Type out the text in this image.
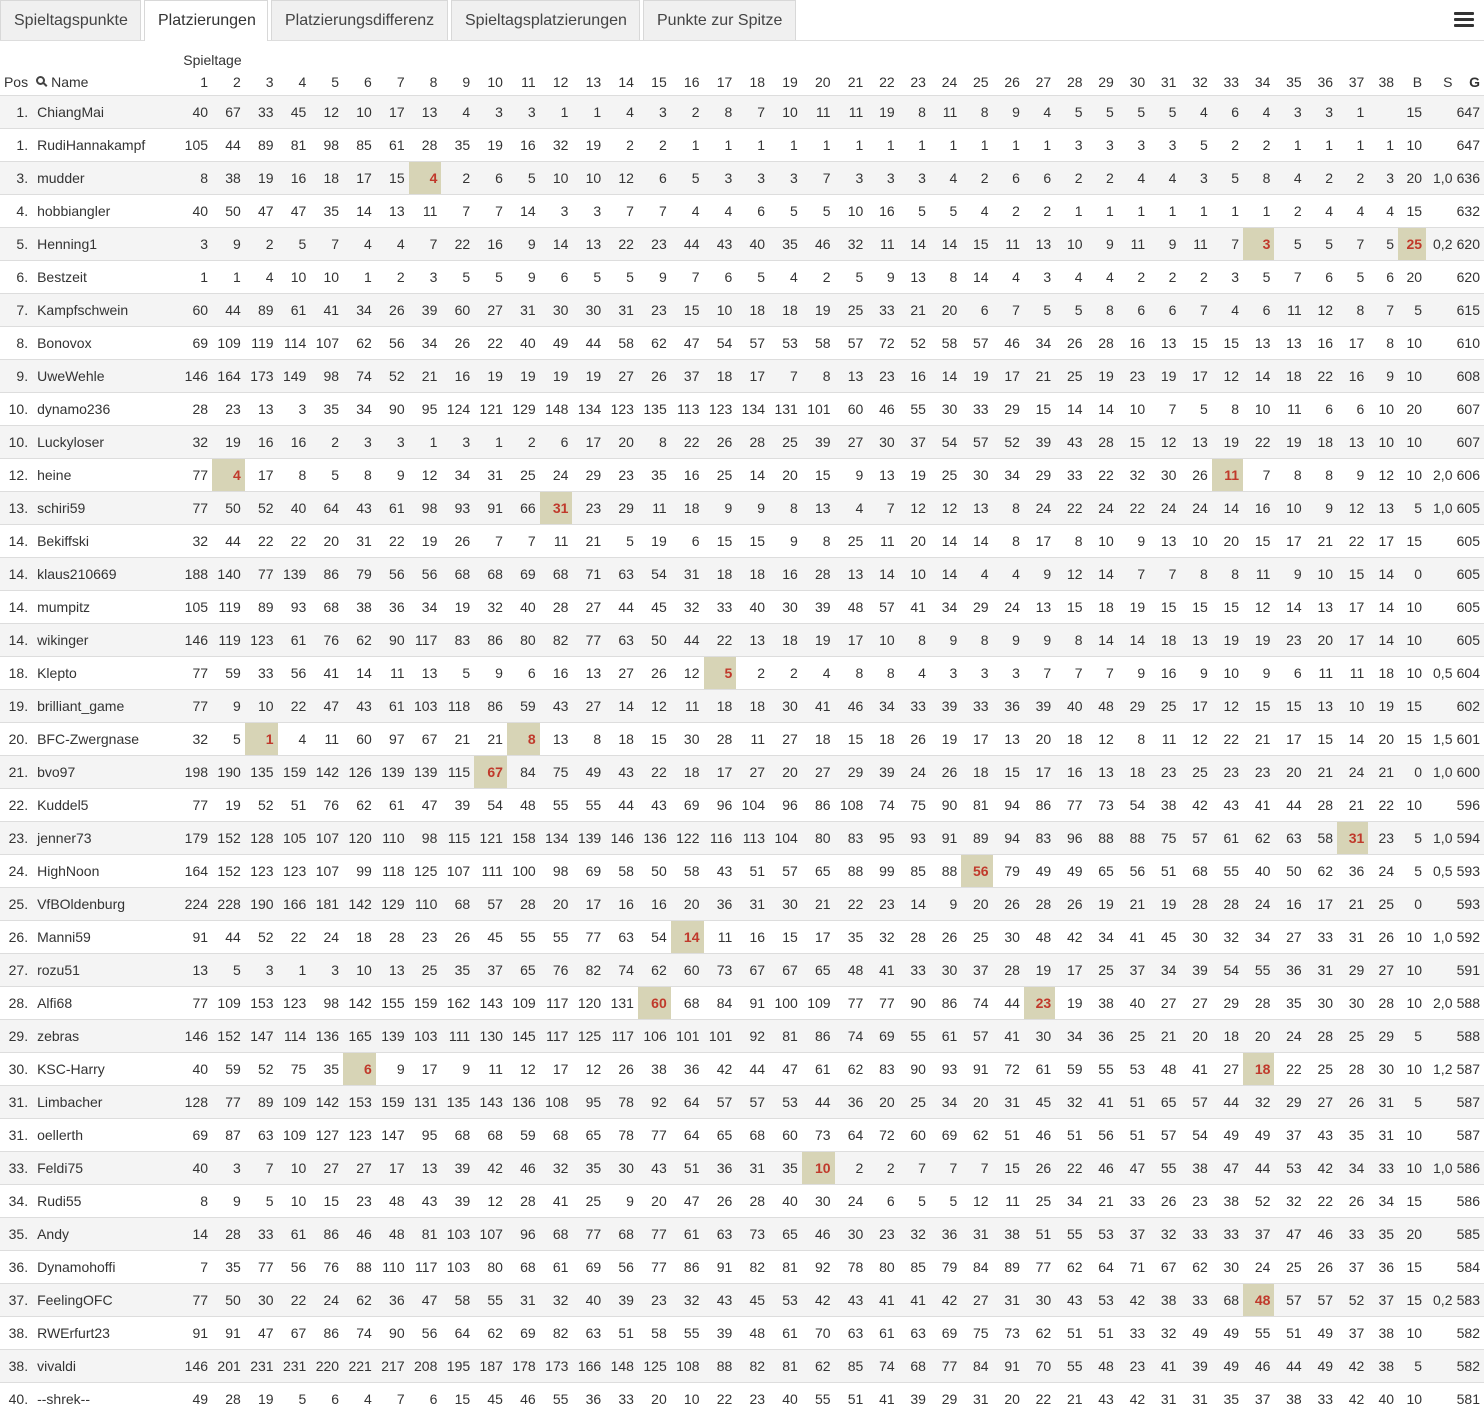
Spieltagspunkte	Platzierungen	Platzierungsdifferenz	Spieltagsplatzierungen	Punkte zur Spitze
		Spieltage																																								
Pos	Name	1	2	3	4	5	6	7	8	9	10	11	12	13	14	15	16	17	18	19	20	21	22	23	24	25	26	27	28	29	30	31	32	33	34	35	36	37	38	B	S	G
1.	ChiangMai	40	67	33	45	12	10	17	13	4	3	3	1	1	4	3	2	8	7	10	11	11	19	8	11	8	9	4	5	5	5	5	4	6	4	3	3	1		15		647
1.	RudiHannakampf	105	44	89	81	98	85	61	28	35	19	16	32	19	2	2	1	1	1	1	1	1	1	1	1	1	1	1	3	3	3	3	5	2	2	1	1	1	1	10		647
3.	mudder	8	38	19	16	18	17	15	4	2	6	5	10	10	12	6	5	3	3	3	7	3	3	3	4	2	6	6	2	2	4	4	3	5	8	4	2	2	3	20	1,0	636
4.	hobbiangler	40	50	47	47	35	14	13	11	7	7	14	3	3	7	7	4	4	6	5	5	10	16	5	5	4	2	2	1	1	1	1	1	1	1	2	4	4	4	15		632
5.	Henning1	3	9	2	5	7	4	4	7	22	16	9	14	13	22	23	44	43	40	35	46	32	11	14	14	15	11	13	10	9	11	9	11	7	3	5	5	7	5	25	0,2	620
6.	Bestzeit	1	1	4	10	10	1	2	3	5	5	9	6	5	5	9	7	6	5	4	2	5	9	13	8	14	4	3	4	4	2	2	2	3	5	7	6	5	6	20		620
7.	Kampfschwein	60	44	89	61	41	34	26	39	60	27	31	30	30	31	23	15	10	18	18	19	25	33	21	20	6	7	5	5	8	6	6	7	4	6	11	12	8	7	5		615
8.	Bonovox	69	109	119	114	107	62	56	34	26	22	40	49	44	58	62	47	54	57	53	58	57	72	52	58	57	46	34	26	28	16	13	15	15	13	13	16	17	8	10		610
9.	UweWehle	146	164	173	149	98	74	52	21	16	19	19	19	19	27	26	37	18	17	7	8	13	23	16	14	19	17	21	25	19	23	19	17	12	14	18	22	16	9	10		608
10.	dynamo236	28	23	13	3	35	34	90	95	124	121	129	148	134	123	135	113	123	134	131	101	60	46	55	30	33	29	15	14	14	10	7	5	8	10	11	6	6	10	20		607
10.	Luckyloser	32	19	16	16	2	3	3	1	3	1	2	6	17	20	8	22	26	28	25	39	27	30	37	54	57	52	39	43	28	15	12	13	19	22	19	18	13	10	10		607
12.	heine	77	4	17	8	5	8	9	12	34	31	25	24	29	23	35	16	25	14	20	15	9	13	19	25	30	34	29	33	22	32	30	26	11	7	8	8	9	12	10	2,0	606
13.	schiri59	77	50	52	40	64	43	61	98	93	91	66	31	23	29	11	18	9	9	8	13	4	7	12	12	13	8	24	22	24	22	24	24	14	16	10	9	12	13	5	1,0	605
14.	Bekiffski	32	44	22	22	20	31	22	19	26	7	7	11	21	5	19	6	15	15	9	8	25	11	20	14	14	8	17	8	10	9	13	10	20	15	17	21	22	17	15		605
14.	klaus210669	188	140	77	139	86	79	56	56	68	68	69	68	71	63	54	31	18	18	16	28	13	14	10	14	4	4	9	12	14	7	7	8	8	11	9	10	15	14	0		605
14.	mumpitz	105	119	89	93	68	38	36	34	19	32	40	28	27	44	45	32	33	40	30	39	48	57	41	34	29	24	13	15	18	19	15	15	15	12	14	13	17	14	10		605
14.	wikinger	146	119	123	61	76	62	90	117	83	86	80	82	77	63	50	44	22	13	18	19	17	10	8	9	8	9	9	8	14	14	18	13	19	19	23	20	17	14	10		605
18.	Klepto	77	59	33	56	41	14	11	13	5	9	6	16	13	27	26	12	5	2	2	4	8	8	4	3	3	3	7	7	7	9	16	9	10	9	6	11	11	18	10	0,5	604
19.	brilliant_game	77	9	10	22	47	43	61	103	118	86	59	43	27	14	12	11	18	18	30	41	46	34	33	39	33	36	39	40	48	29	25	17	12	15	15	13	10	19	15		602
20.	BFC-Zwergnase	32	5	1	4	11	60	97	67	21	21	8	13	8	18	15	30	28	11	27	18	15	18	26	19	17	13	20	18	12	8	11	12	22	21	17	15	14	20	15	1,5	601
21.	bvo97	198	190	135	159	142	126	139	139	115	67	84	75	49	43	22	18	17	27	20	27	29	39	24	26	18	15	17	16	13	18	23	25	23	23	20	21	24	21	0	1,0	600
22.	Kuddel5	77	19	52	51	76	62	61	47	39	54	48	55	55	44	43	69	96	104	96	86	108	74	75	90	81	94	86	77	73	54	38	42	43	41	44	28	21	22	10		596
23.	jenner73	179	152	128	105	107	120	110	98	115	121	158	134	139	146	136	122	116	113	104	80	83	95	93	91	89	94	83	96	88	88	75	57	61	62	63	58	31	23	5	1,0	594
24.	HighNoon	164	152	123	123	107	99	118	125	107	111	100	98	69	58	50	58	43	51	57	65	88	99	85	88	56	79	49	49	65	56	51	68	55	40	50	62	36	24	5	0,5	593
25.	VfBOldenburg	224	228	190	166	181	142	129	110	68	57	28	20	17	16	16	20	36	31	30	21	22	23	14	9	20	26	28	26	19	21	19	28	28	24	16	17	21	25	0		593
26.	Manni59	91	44	52	22	24	18	28	23	26	45	55	55	77	63	54	14	11	16	15	17	35	32	28	26	25	30	48	42	34	41	45	30	32	34	27	33	31	26	10	1,0	592
27.	rozu51	13	5	3	1	3	10	13	25	35	37	65	76	82	74	62	60	73	67	67	65	48	41	33	30	37	28	19	17	25	37	34	39	54	55	36	31	29	27	10		591
28.	Alfi68	77	109	153	123	98	142	155	159	162	143	109	117	120	131	60	68	84	91	100	109	77	77	90	86	74	44	23	19	38	40	27	27	29	28	35	30	30	28	10	2,0	588
29.	zebras	146	152	147	114	136	165	139	103	111	130	145	117	125	117	106	101	101	92	81	86	74	69	55	61	57	41	30	34	36	25	21	20	18	20	24	28	25	29	5		588
30.	KSC-Harry	40	59	52	75	35	6	9	17	9	11	12	17	12	26	38	36	42	44	47	61	62	83	90	93	91	72	61	59	55	53	48	41	27	18	22	25	28	30	10	1,2	587
31.	Limbacher	128	77	89	109	142	153	159	131	135	143	136	108	95	78	92	64	57	57	53	44	36	20	25	34	20	31	45	32	41	51	65	57	44	32	29	27	26	31	5		587
31.	oellerth	69	87	63	109	127	123	147	95	68	68	59	68	65	78	77	64	65	68	60	73	64	72	60	69	62	51	46	51	56	51	57	54	49	49	37	43	35	31	10		587
33.	Feldi75	40	3	7	10	27	27	17	13	39	42	46	32	35	30	43	51	36	31	35	10	2	2	7	7	7	15	26	22	46	47	55	38	47	44	53	42	34	33	10	1,0	586
34.	Rudi55	8	9	5	10	15	23	48	43	39	12	28	41	25	9	20	47	26	28	40	30	24	6	5	5	12	11	25	34	21	33	26	23	38	52	32	22	26	34	15		586
35.	Andy	14	28	33	61	86	46	48	81	103	107	96	68	77	68	77	61	63	73	65	46	30	23	32	36	31	38	51	55	53	37	32	33	33	37	47	46	33	35	20		585
36.	Dynamohoffi	7	35	77	56	76	88	110	117	103	80	68	61	69	56	77	86	91	82	81	92	78	80	85	79	84	89	77	62	64	71	67	62	30	24	25	26	37	36	15		584
37.	FeelingOFC	77	50	30	22	24	62	36	47	58	55	31	32	40	39	23	32	43	45	53	42	43	41	41	42	27	31	30	43	53	42	38	33	68	48	57	57	52	37	15	0,2	583
38.	RWErfurt23	91	91	47	67	86	74	90	56	64	62	69	82	63	51	58	55	39	48	61	70	63	61	63	69	75	73	62	51	51	33	32	49	49	55	51	49	37	38	10		582
38.	vivaldi	146	201	231	231	220	221	217	208	195	187	178	173	166	148	125	108	88	82	81	62	85	74	68	77	84	91	70	55	48	23	41	39	49	46	44	49	42	38	5		582
40.	--shrek--	49	28	19	5	6	4	7	6	15	45	46	55	36	33	20	10	22	23	40	55	51	41	39	29	31	20	22	21	43	42	31	31	35	37	38	33	42	40	10		581
